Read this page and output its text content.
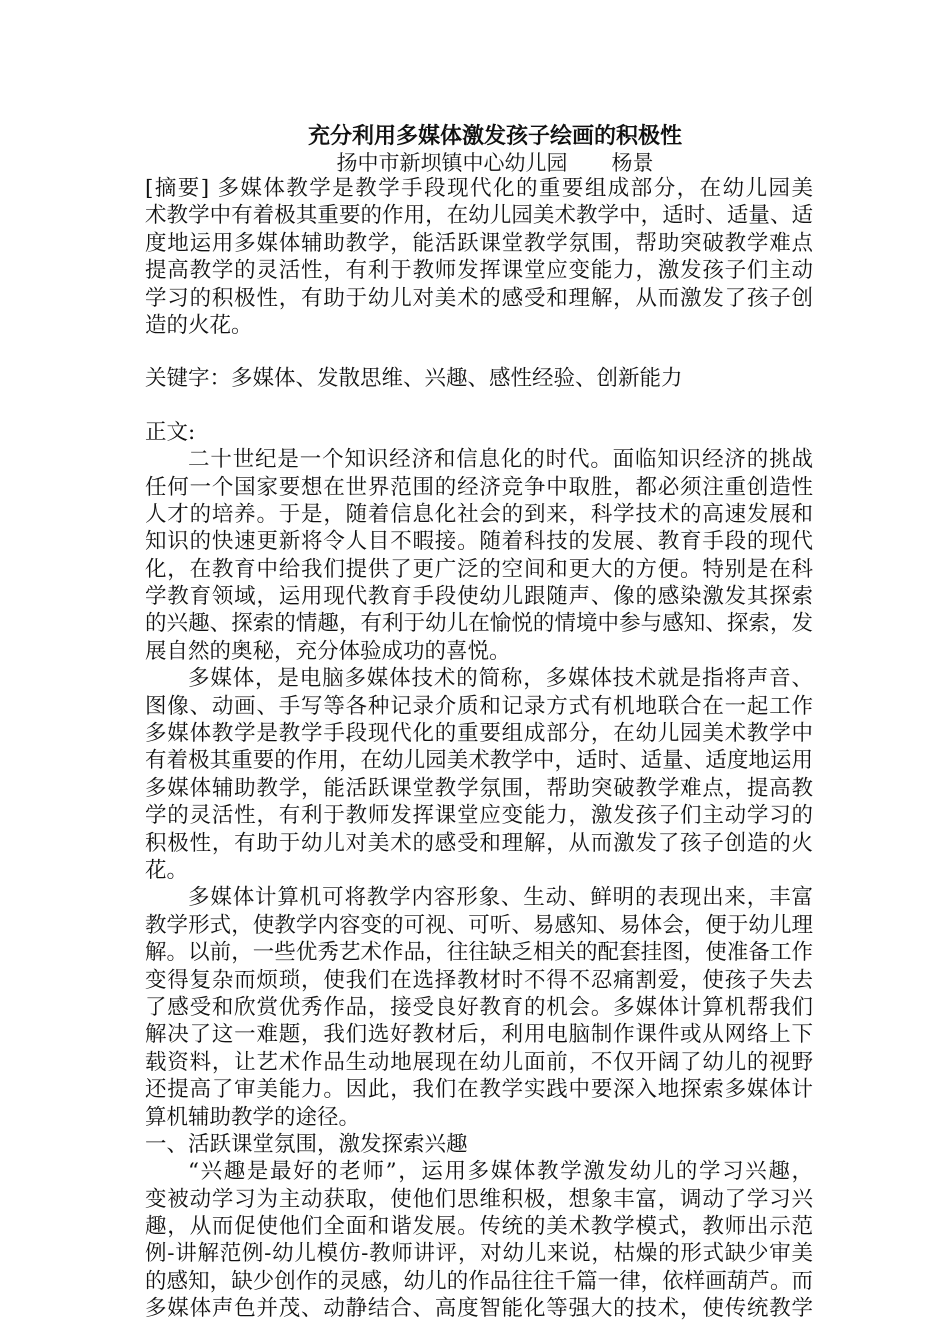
充分利用多媒体激发孩子绘画的积极性
扬中市新坝镇中心幼儿园 杨景
[摘要] 多媒体教学是教学手段现代化的重要组成部分，在幼儿园美
术教学中有着极其重要的作用，在幼儿园美术教学中，适时、适量、适
度地运用多媒体辅助教学，能活跃课堂教学氛围，帮助突破教学难点
提高教学的灵活性，有利于教师发挥课堂应变能力，激发孩子们主动
学习的积极性，有助于幼儿对美术的感受和理解，从而激发了孩子创
造的火花。
关键字：多媒体、发散思维、兴趣、感性经验、创新能力
正文:
二十世纪是一个知识经济和信息化的时代。面临知识经济的挑战
任何一个国家要想在世界范围的经济竞争中取胜，都必须注重创造性
人才的培养。于是，随着信息化社会的到来，科学技术的高速发展和
知识的快速更新将令人目不暇接。随着科技的发展、教育手段的现代
化，在教育中给我们提供了更广泛的空间和更大的方便。特别是在科
学教育领域，运用现代教育手段使幼儿跟随声、像的感染激发其探索
的兴趣、探索的情趣，有利于幼儿在愉悦的情境中参与感知、探索，发
展自然的奥秘，充分体验成功的喜悦。
多媒体，是电脑多媒体技术的简称，多媒体技术就是指将声音、
图像、动画、手写等各种记录介质和记录方式有机地联合在一起工作
多媒体教学是教学手段现代化的重要组成部分，在幼儿园美术教学中
有着极其重要的作用，在幼儿园美术教学中，适时、适量、适度地运用
多媒体辅助教学，能活跃课堂教学氛围，帮助突破教学难点，提高教
学的灵活性，有利于教师发挥课堂应变能力，激发孩子们主动学习的
积极性，有助于幼儿对美术的感受和理解，从而激发了孩子创造的火
花。
多媒体计算机可将教学内容形象、生动、鲜明的表现出来，丰富
教学形式，使教学内容变的可视、可听、易感知、易体会，便于幼儿理
解。以前，一些优秀艺术作品，往往缺乏相关的配套挂图，使准备工作
变得复杂而烦琐，使我们在选择教材时不得不忍痛割爱，使孩子失去
了感受和欣赏优秀作品，接受良好教育的机会。多媒体计算机帮我们
解决了这一难题，我们选好教材后，利用电脑制作课件或从网络上下
载资料，让艺术作品生动地展现在幼儿面前，不仅开阔了幼儿的视野
还提高了审美能力。因此，我们在教学实践中要深入地探索多媒体计
算机辅助教学的途径。
一、活跃课堂氛围，激发探索兴趣
“兴趣是最好的老师”，运用多媒体教学激发幼儿的学习兴趣，
变被动学习为主动获取，使他们思维积极，想象丰富，调动了学习兴
趣，从而促使他们全面和谐发展。传统的美术教学模式，教师出示范
例-讲解范例-幼儿模仿-教师讲评，对幼儿来说，枯燥的形式缺少审美
的感知，缺少创作的灵感，幼儿的作品往往千篇一律，依样画葫芦。而
多媒体声色并茂、动静结合、高度智能化等强大的技术，使传统教学
